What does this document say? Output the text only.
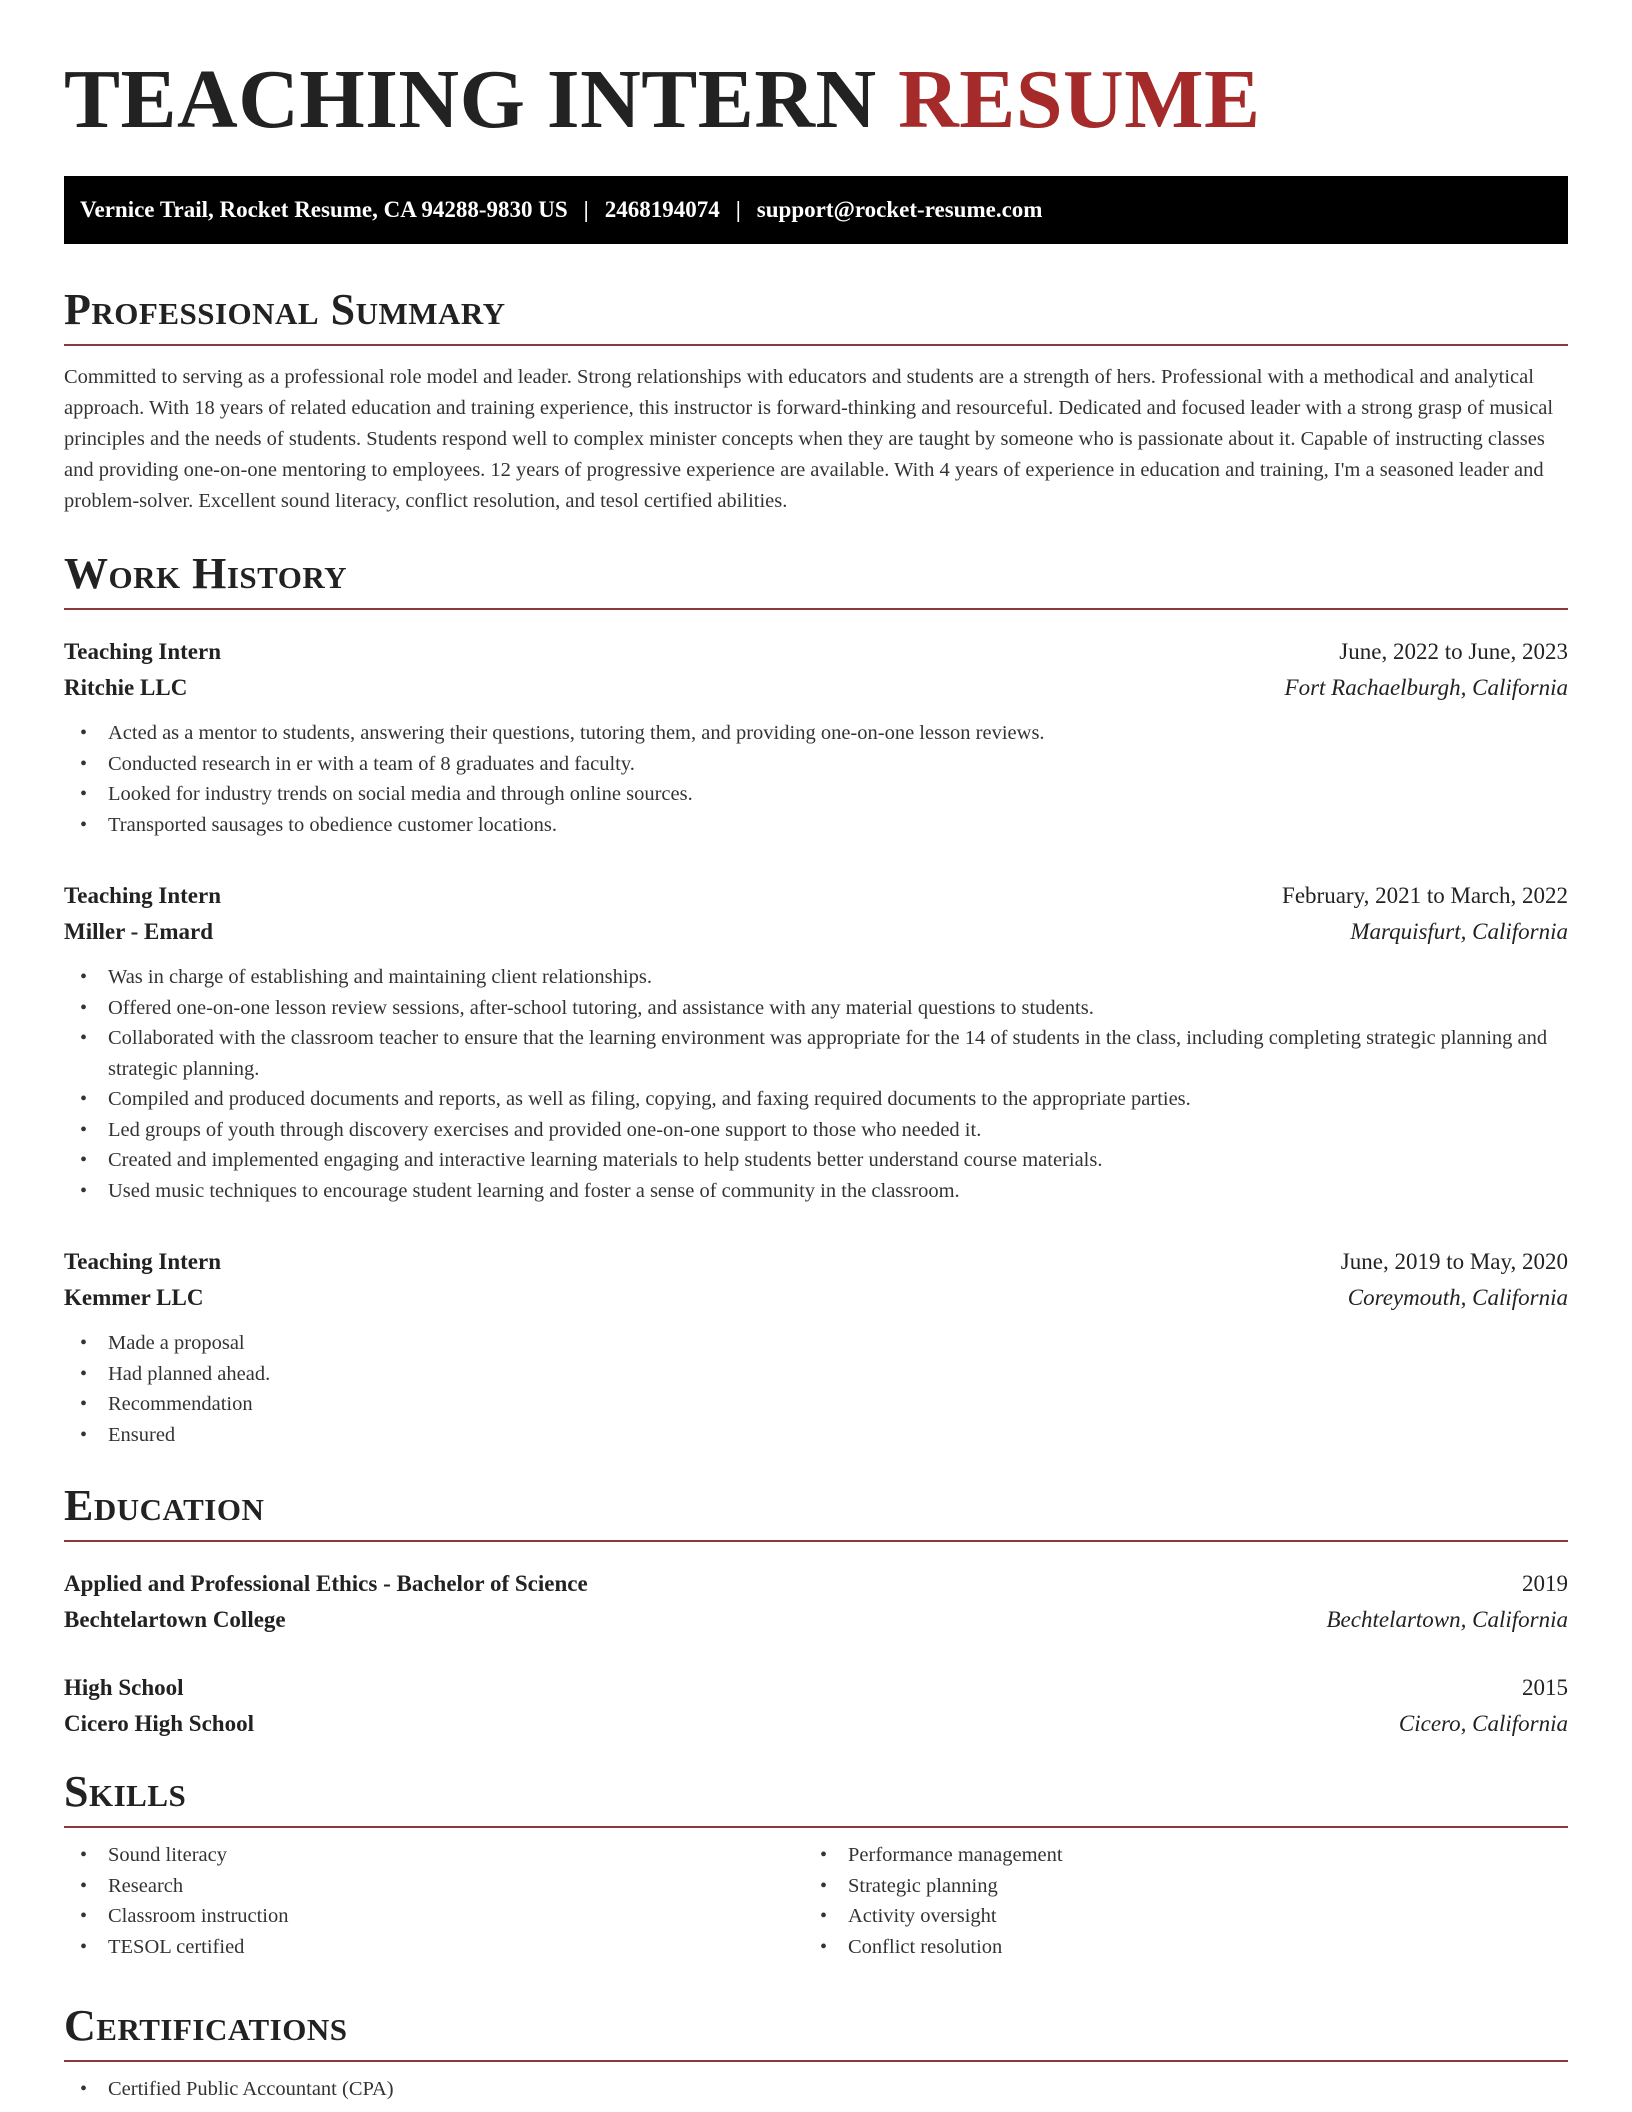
TEACHING INTERN RESUME
Vernice Trail, Rocket Resume, CA 94288-9830 US | 2468194074 | support@rocket-resume.com
Professional Summary

Committed to serving as a professional role model and leader. Strong relationships with educators and students are a strength of hers. Professional with a methodical and analytical approach. With 18 years of related education and training experience, this instructor is forward-thinking and resourceful. Dedicated and focused leader with a strong grasp of musical principles and the needs of students. Students respond well to complex minister concepts when they are taught by someone who is passionate about it. Capable of instructing classes and providing one-on-one mentoring to employees. 12 years of progressive experience are available. With 4 years of experience in education and training, I'm a seasoned leader and problem-solver. Excellent sound literacy, conflict resolution, and tesol certified abilities.

Work History
Teaching Intern	June, 2022 to June, 2023
Ritchie LLC	Fort Rachaelburgh, California
• Acted as a mentor to students, answering their questions, tutoring them, and providing one-on-one lesson reviews.
• Conducted research in er with a team of 8 graduates and faculty.
• Looked for industry trends on social media and through online sources.
• Transported sausages to obedience customer locations.
Teaching Intern	February, 2021 to March, 2022
Miller - Emard	Marquisfurt, California
• Was in charge of establishing and maintaining client relationships.
• Offered one-on-one lesson review sessions, after-school tutoring, and assistance with any material questions to students.
• Collaborated with the classroom teacher to ensure that the learning environment was appropriate for the 14 of students in the class, including completing strategic planning and strategic planning.
• Compiled and produced documents and reports, as well as filing, copying, and faxing required documents to the appropriate parties.
• Led groups of youth through discovery exercises and provided one-on-one support to those who needed it.
• Created and implemented engaging and interactive learning materials to help students better understand course materials.
• Used music techniques to encourage student learning and foster a sense of community in the classroom.
Teaching Intern	June, 2019 to May, 2020
Kemmer LLC	Coreymouth, California
• Made a proposal
• Had planned ahead.
• Recommendation
• Ensured
Education
Applied and Professional Ethics - Bachelor of Science	2019
Bechtelartown College	Bechtelartown, California
High School	2015
Cicero High School	Cicero, California
Skills
• Sound literacy
• Research
• Classroom instruction
• TESOL certified
• Performance management
• Strategic planning
• Activity oversight
• Conflict resolution
Certifications
• Certified Public Accountant (CPA)
